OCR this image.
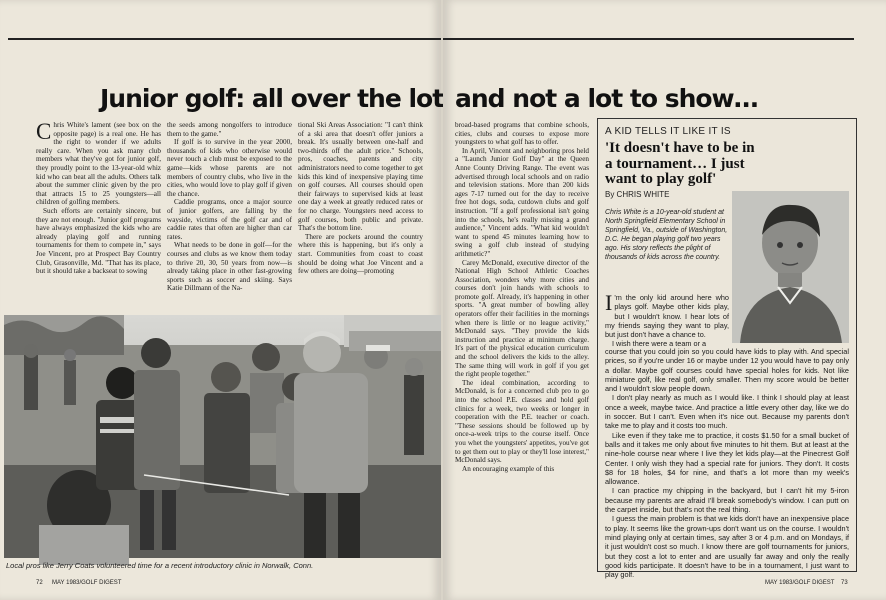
Junior golf: all over the lot
C hris White's lament (see box on the opposite page) is a real one. He has the right to wonder if we adults really care. When you ask many club members what they've got for junior golf, they proudly point to the 13-year-old whiz kid who can beat all the adults. Others talk about the summer clinic given by the pro that attracts 15 to 25 youngsters—all children of golfing members.

Such efforts are certainly sincere, but they are not enough. "Junior golf programs have always emphasized the kids who are already playing golf and running tournaments for them to compete in," says Joe Vincent, pro at Prospect Bay Country Club, Grasonville, Md. "That has its place, but it should take a backseat to sowing

the seeds among nongolfers to introduce them to the game."

If golf is to survive in the year 2000, thousands of kids who otherwise would never touch a club must be exposed to the game—kids whose parents are not members of country clubs, who live in the cities, who would love to play golf if given the chance.

Caddie programs, once a major source of junior golfers, are falling by the wayside, victims of the golf car and of caddie rates that often are higher than car rates.

What needs to be done in golf—for the courses and clubs as we know them today to thrive 20, 30, 50 years from now—is already taking place in other fast-growing sports such as soccer and skiing. Says Katie Dillmann of the Na-

tional Ski Areas Association: "I can't think of a ski area that doesn't offer juniors a break. It's usually between one-half and two-thirds off the adult price." Schools, pros, coaches, parents and city administrators need to come together to get kids this kind of inexpensive playing time on golf courses. All courses should open their fairways to supervised kids at least one day a week at greatly reduced rates or for no charge. Youngsters need access to golf courses, both public and private. That's the bottom line.

There are pockets around the country where this is happening, but it's only a start. Communities from coast to coast should be doing what Joe Vincent and a few others are doing—promoting

Local pros like Jerry Coats volunteered time for a recent introductory clinic in Norwalk, Conn.
72 MAY 1983/GOLF DIGEST
and not a lot to show…

broad-based programs that combine schools, cities, clubs and courses to expose more youngsters to what golf has to offer.

In April, Vincent and neighboring pros held a "Launch Junior Golf Day" at the Queen Anne County Driving Range. The event was advertised through local schools and on radio and television stations. More than 200 kids ages 7-17 turned out for the day to receive free hot dogs, soda, cutdown clubs and golf instruction. "If a golf professional isn't going into the schools, he's really missing a grand audience," Vincent adds. "What kid wouldn't want to spend 45 minutes learning how to swing a golf club instead of studying arithmetic?"

Carey McDonald, executive director of the National High School Athletic Coaches Association, wonders why more cities and courses don't join hands with schools to promote golf. Already, it's happening in other sports. "A great number of bowling alley operators offer their facilities in the mornings when there is little or no league activity," McDonald says. "They provide the kids instruction and practice at minimum charge. It's part of the physical education curriculum and the school delivers the kids to the alley. The same thing will work in golf if you get the right people together."

The ideal combination, according to McDonald, is for a concerned club pro to go into the school P.E. classes and hold golf clinics for a week, two weeks or longer in cooperation with the P.E. teacher or coach. "These sessions should be followed up by once-a-week trips to the course itself. Once you whet the youngsters' appetites, you've got to get them out to play or they'll lose interest," McDonald says.

An encouraging example of this

A KID TELLS IT LIKE IT IS
'It doesn't have to be in a tournament… I just want to play golf'
By CHRIS WHITE
Chris White is a 10-year-old student at North Springfield Elementary School in Springfield, Va., outside of Washington, D.C. He began playing golf two years ago. His story reflects the plight of thousands of kids across the country.
I 'm the only kid around here who plays golf. Maybe other kids play, but I wouldn't know. I hear lots of my friends saying they want to play, but just don't have a chance to.

I wish there were a team or a

course that you could join so you could have kids to play with. And special prices, so if you're under 16 or maybe under 12 you would have to pay only a dollar. Maybe golf courses could have special holes for kids. Not like miniature golf, like real golf, only smaller. Then my score would be better and I wouldn't slow people down.

I don't play nearly as much as I would like. I think I should play at least once a week, maybe twice. And practice a little every other day, like we do in soccer. But I can't. Even when it's nice out. Because my parents don't take me to play and it costs too much.

Like even if they take me to practice, it costs $1.50 for a small bucket of balls and it takes me only about five minutes to hit them. But at least at the nine-hole course near where I live they let kids play—at the Pinecrest Golf Center. I only wish they had a special rate for juniors. They don't. It costs $8 for 18 holes, $4 for nine, and that's a lot more than my week's allowance.

I can practice my chipping in the backyard, but I can't hit my 5-iron because my parents are afraid I'll break somebody's window. I can putt on the carpet inside, but that's not the real thing.

I guess the main problem is that we kids don't have an inexpensive place to play. It seems like the grown-ups don't want us on the course. I wouldn't mind playing only at certain times, say after 3 or 4 p.m. and on Mondays, if it just wouldn't cost so much. I know there are golf tournaments for juniors, but they cost a lot to enter and are usually far away and only the really good kids participate. It doesn't have to be in a tournament, I just want to play golf.

MAY 1983/GOLF DIGEST 73
